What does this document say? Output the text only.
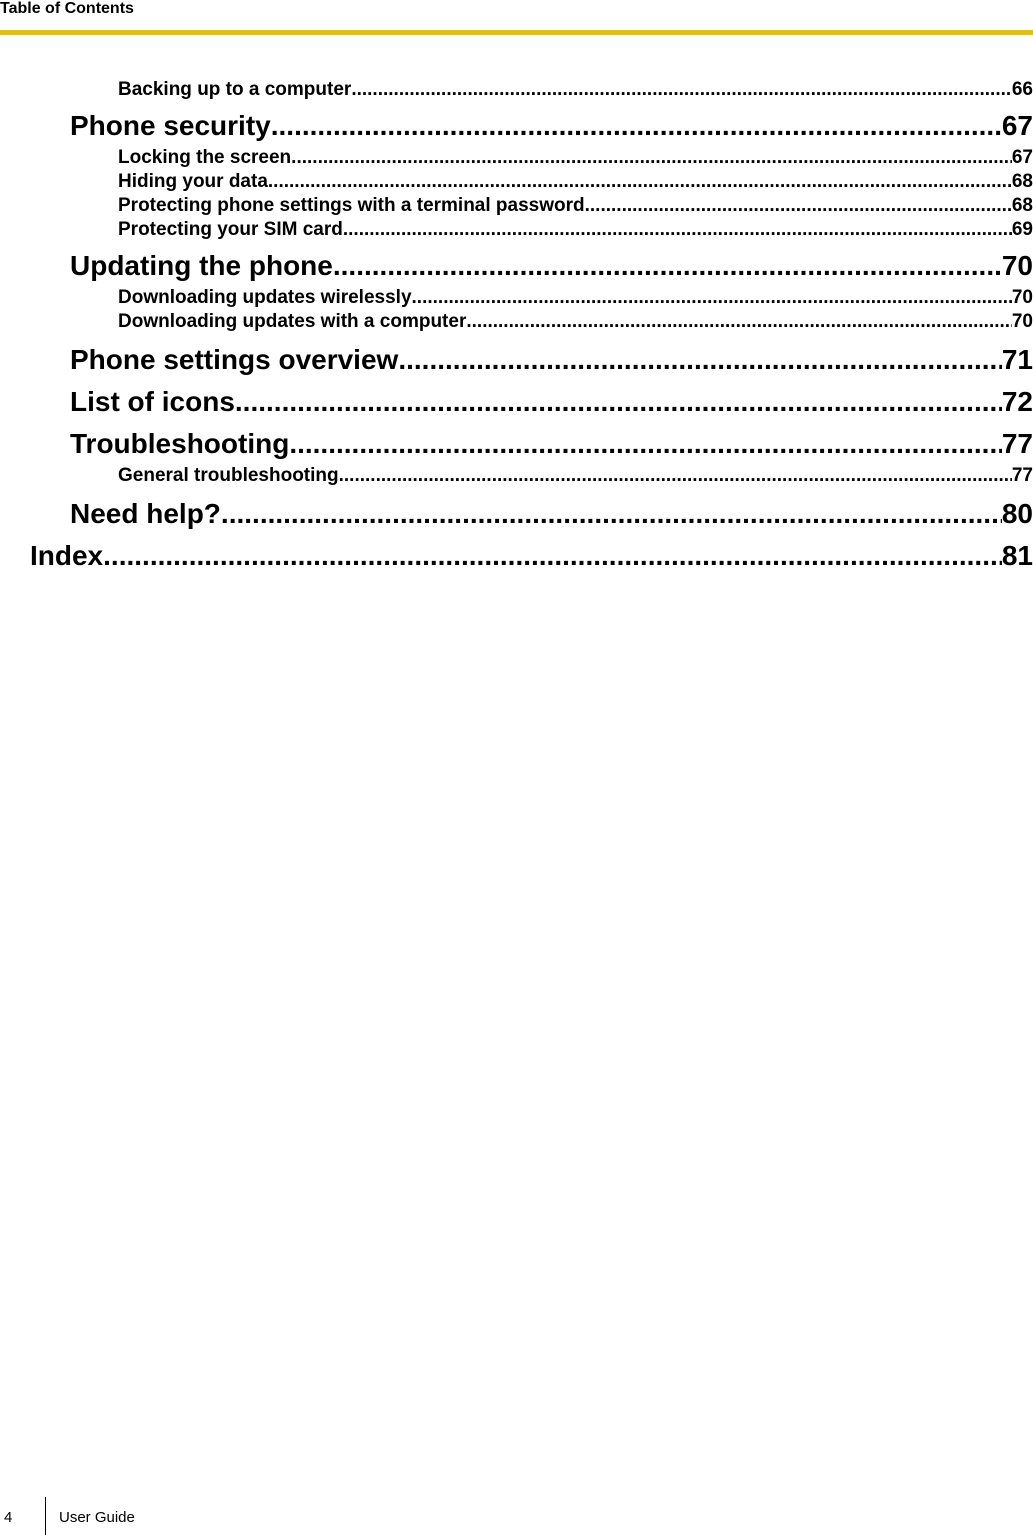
Table of Contents
Backing up to a computer .....	66
Phone security .....	67
Locking the screen .....	67
Hiding your data .....	68
Protecting phone settings with a terminal password .....	68
Protecting your SIM card .....	69
Updating the phone .....	70
Downloading updates wirelessly .....	70
Downloading updates with a computer .....	70
Phone settings overview .....	71
List of icons .....	72
Troubleshooting .....	77
General troubleshooting .....	77
Need help? .....	80
Index .....	81
4	User Guide
